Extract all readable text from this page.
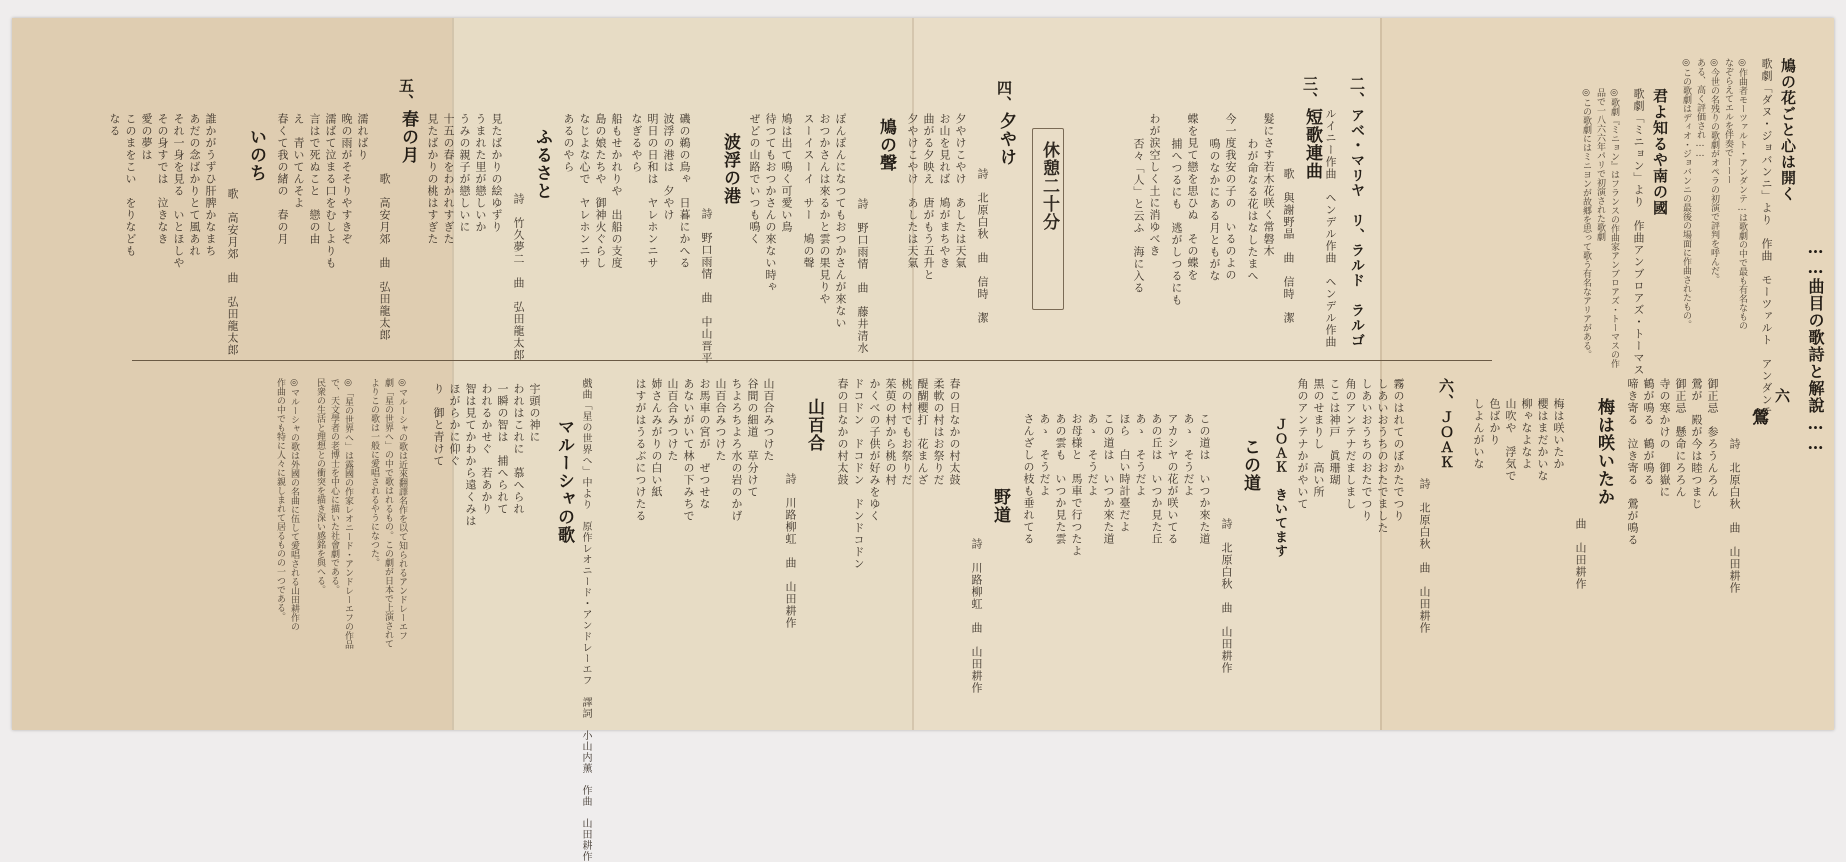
……曲目の歌詩と解說……
鳩の花ごと心は開く
歌劇「ダヌ・ジョバンニ」より　作曲　モーツァルト　アンダンテ
◎作曲者モーツァルト・アンダンテ…は歌劇の中で最も有名なもの
なぞらえてエルを伴奏でーーー
◎今世の名残りの歌劇がオペラの初演で評判を呼んだ。
ある、高く評価され……
◎この歌劇はディオ・ジョバンニの最後の場面に作曲されたもの。
君よ知るや南の國
歌劇「ミニョン」より　作曲アンブロアズ・トーマス
◎歌劇『ミニョン』はフランスの作曲家アンブロアズ・トーマスの作
品で一八六六年パリで初演された歌劇
◎この歌劇にはミニヨンが故郷を思って歌う有名なアリアがある。
二、
アベ・マリヤ　リ、ラルド　ラルゴ
ルイニー作曲　ヘンデル作曲　ヘンデル作曲
三、
短歌連曲
歌　與謝野晶　曲　信時　潔
髮にさす若木花咲く常磐木
わが命なる花はなしたまへ
今一度我安の子の　いるのよの
鳴のなかにある月ともがな
蝶を見て戀を思ひぬ　その蝶を
捕へつるにも　逃がしつるにも
わが涙空しく土に消ゆべき
否々「人」と云ふ　海に入る
休憩二十分
四、
夕やけ
詩　北原白秋　曲　信時　潔
夕やけこやけ　あしたは天氣
お山を見れば　鳩がまちやき
曲がる夕映え　唐がもう五升と
夕やけこやけ　あしたは天氣
鳩の聲
詩　野口雨情　曲　藤井清水
ぽんぽんになつてもおつかさんが來ない
おつかさんは來るかと雲の果見りや
スーイスーイ　サー　鳩の聲
鳩は出て鳴く可愛い鳥
待つてもおつかさんの來ない時ゃ
ぜどの山路でいつも鳴く
波浮の港
詩　野口雨情　曲　中山晋平
磯の鵜の鳥ゃ　日暮にかへる
波浮の港は　夕やけ
明日の日和は　ヤレホンニサ
なぎるやら
船もせかれりや　出船の支度
島の娘たちや　御神火ぐらし
なじよな心で　ヤレホンニサ
あるのやら
ふるさと
詩　竹久夢二　曲　弘田龍太郎
見たばかりの絵ゆずり
うまれた里が戀しいか
うみの親子が戀しいに
十五の春をわかれすぎた
見たばかりの桃はすぎた
五、
春の月
歌　高安月郊　曲　弘田龍太郎
濡ればり
晚の雨がそそりやすきぞ
濡ばて泣まる口をむしよりも
言はで死ぬこと　戀の由
え　青いてんそよ
春くて我の緒の　春の月
いのち
歌　高安月郊　曲　弘田龍太郎
誰かがうずひ肝脾かなまち
あだの念ばかりとて風あれ
それ一身を見る　いとほしや
その身すでは　泣きなき
愛の夢は
このまをこい　をりなども
なる
六
鶯
詩　北原白秋　曲　山田耕作
御正忌　参ろうんろん
鶯が　殿が今は睦つまじ
御正忌　懸命にろろん
寺の寒かけの　御嶽に
鶴が鳴る　鶴が鳴る
啼き寄る　泣き寄る　鶯が鳴る
梅は咲いたか
曲　山田耕作
梅は咲いたか
櫻はまだかいな
柳ゃなよなよ
山吹や　浮気で
色ばかり
しよんがいな
六、
ＪＯＡＫ
詩　北原白秋　曲　山田耕作
霧のはれてのぼかたでつり
しあいおうちのおたでました
しあいおうちのおたでつり
角のアンテナだましまし
ここは神戸　眞珊瑚
黒のせまりし　高い所
角のアンテナかがやいて
ＪＯＡＫ　きいてます
この道
詩　北原白秋　曲　山田耕作
この道は　いつか來た道
あゝ　そうだよ
アカシヤの花が咲いてる
あの丘は　いつか見た丘
あゝ　そうだよ
ほら　白い時計臺だよ
この道は　いつか來た道
あゝ　そうだよ
お母様と　馬車で行つたよ
あの雲も　いつか見た雲
あゝ　そうだよ
さんざしの枝も垂れてる
野道
詩　川路柳虹　曲　山田耕作
春の日なかの村太鼓
柔軟の村はお祭りだ
醍醐櫻打　花まんざ
桃の村でもお祭りだ
茱萸の村から桃の村
かくべの子供が好みをゆく
ドコドン　ドコドン　ドンドコドン
春の日なかの村太鼓
山百合
詩　川路柳虹　曲　山田耕作
山百合みつけた
谷間の細道　草分けて
ちよろちよろ水の岩のかげ
山百合みつけた
お馬車の宮が　ぜつせな
あないがいて林の下みちで
山百合みつけた
姉さんみがりの白い紙
はすがはうるぶにつけたる
マルーシャの歌 戲曲「星の世界へ」中より　原作レオニード・アンドレーエフ　譯詞　小山内薰　作曲　山田耕作
宇頭の神に
われはこれに　慕へられ
一瞬の智は　捕へられて
われるかせぐ　若あかり
智は見てかわから遠くみは
ほがらかに仰ぐ
り　御と青けて
◎マルーシャの歌は近來翻譯名作を以て知られるアンドレーエフ
劇「星の世界へ」の中で歌はれるもの。この劇が日本で上演されて
よりこの歌は一般に愛唱されるやうになつた。
◎「星の世界へ」は露國の作家レオニード・アンドレーエフの作品
で、天文學者の老博士を中心に描いた社會劇である。
民衆の生活と理想との衝突を描き深い感銘を與へる。
◎マルーシャの歌は外國の名曲に伍して愛唱される山田耕作の
作曲の中でも特に人々に親しまれて居るものの一つである。
